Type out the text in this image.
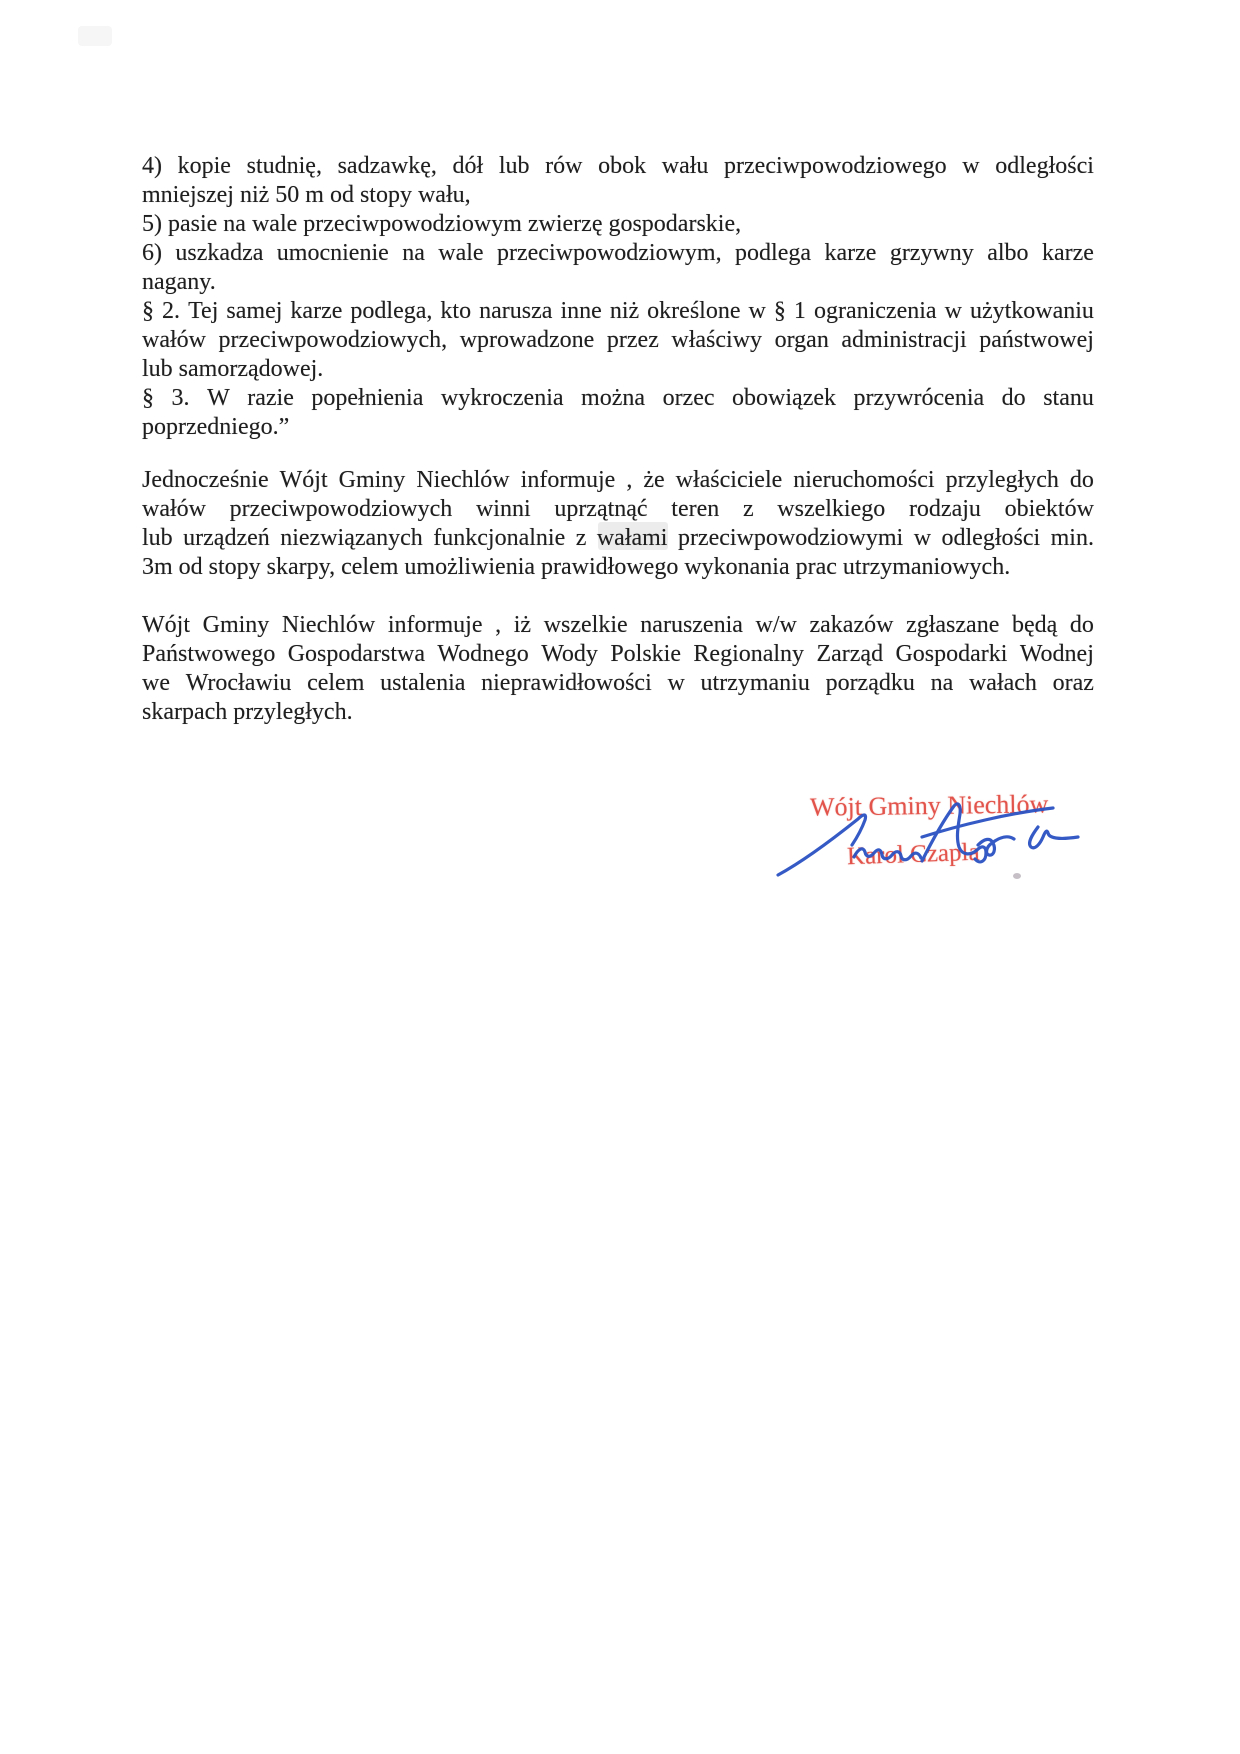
4) kopie studnię, sadzawkę, dół lub rów obok wału przeciwpowodziowego w odległości
mniejszej niż 50 m od stopy wału,
5) pasie na wale przeciwpowodziowym zwierzę gospodarskie,
6) uszkadza umocnienie na wale przeciwpowodziowym, podlega karze grzywny albo karze
nagany.
§ 2. Tej samej karze podlega, kto narusza inne niż określone w § 1 ograniczenia w użytkowaniu
wałów przeciwpowodziowych, wprowadzone przez właściwy organ administracji państwowej
lub samorządowej.
§ 3. W razie popełnienia wykroczenia można orzec obowiązek przywrócenia do stanu
poprzedniego.”
Jednocześnie Wójt Gminy Niechlów informuje , że właściciele nieruchomości przyległych do
wałów przeciwpowodziowych winni uprzątnąć teren z wszelkiego rodzaju obiektów
lub urządzeń niezwiązanych funkcjonalnie z wałami przeciwpowodziowymi w odległości min.
3m od stopy skarpy, celem umożliwienia prawidłowego wykonania prac utrzymaniowych.
Wójt Gminy Niechlów informuje , iż wszelkie naruszenia w/w zakazów zgłaszane będą do
Państwowego Gospodarstwa Wodnego Wody Polskie Regionalny Zarząd Gospodarki Wodnej
we Wrocławiu celem ustalenia nieprawidłowości w utrzymaniu porządku na wałach oraz
skarpach przyległych.
Wójt Gminy Niechlów
Karol Czapla
